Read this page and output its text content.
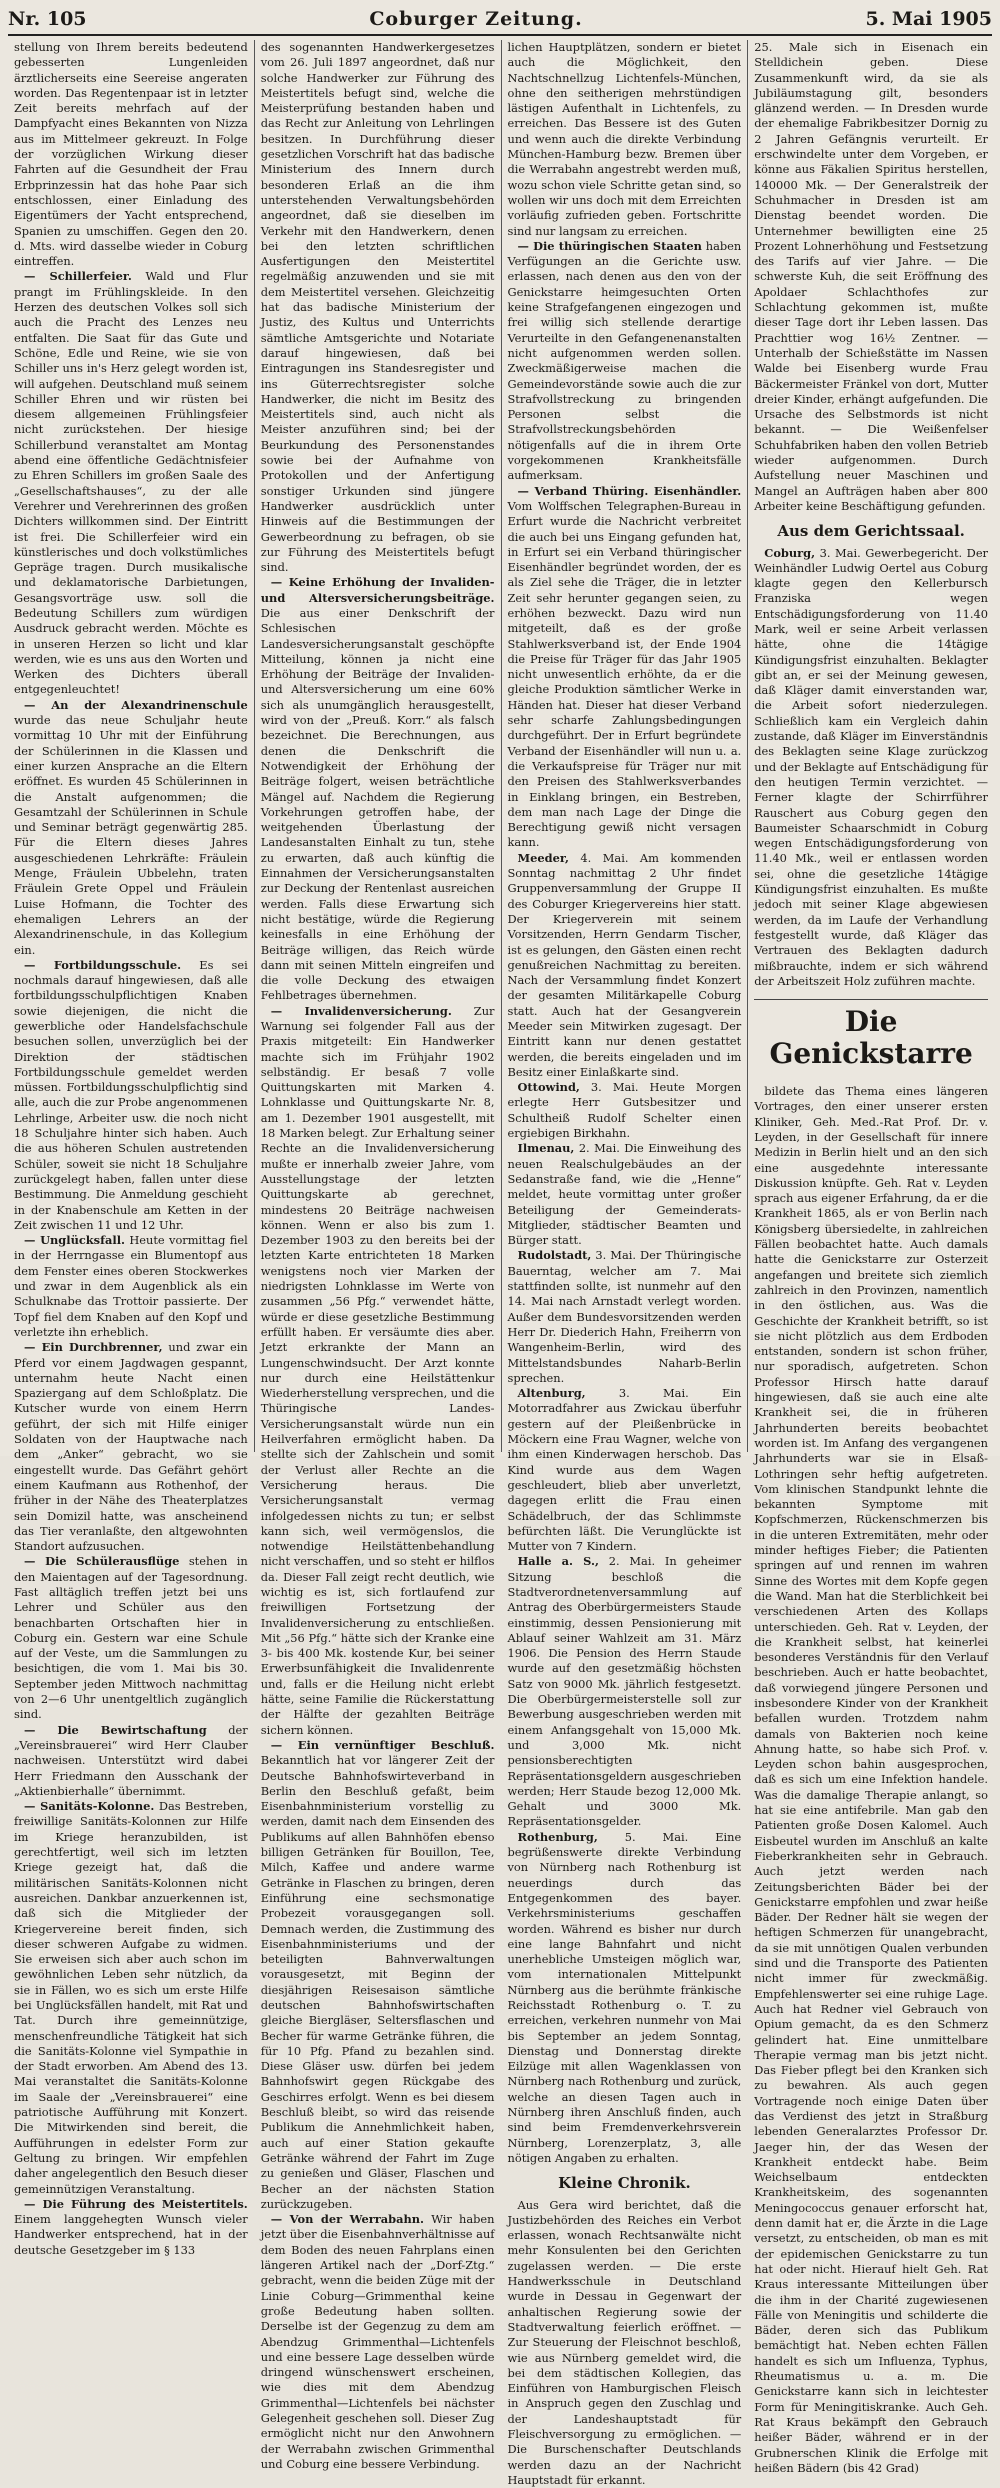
Nr. 105	Coburger Zeitung.	5. Mai 1905

stellung von Ihrem bereits bedeutend gebesserten Lungenleiden ärztlicherseits eine Seereise angeraten worden. Das Regentenpaar ist in letzter Zeit bereits mehrfach auf der Dampfyacht eines Bekannten von Nizza aus im Mittelmeer gekreuzt. In Folge der vorzüglichen Wirkung dieser Fahrten auf die Gesundheit der Frau Erbprinzessin hat das hohe Paar sich entschlossen, einer Einladung des Eigentümers der Yacht entsprechend, Spanien zu umschiffen. Gegen den 20. d. Mts. wird dasselbe wieder in Coburg eintreffen.

— Schillerfeier. Wald und Flur prangt im Frühlingskleide. In den Herzen des deutschen Volkes soll sich auch die Pracht des Lenzes neu entfalten. Die Saat für das Gute und Schöne, Edle und Reine, wie sie von Schiller uns in's Herz gelegt worden ist, will aufgehen. Deutschland muß seinem Schiller Ehren und wir rüsten bei diesem allgemeinen Frühlingsfeier nicht zurückstehen. Der hiesige Schillerbund veranstaltet am Montag abend eine öffentliche Gedächtnisfeier zu Ehren Schillers im großen Saale des „Gesellschaftshauses“, zu der alle Verehrer und Verehrerinnen des großen Dichters willkommen sind. Der Eintritt ist frei. Die Schillerfeier wird ein künstlerisches und doch volkstümliches Gepräge tragen. Durch musikalische und deklamatorische Darbietungen, Gesangsvorträge usw. soll die Bedeutung Schillers zum würdigen Ausdruck gebracht werden. Möchte es in unseren Herzen so licht und klar werden, wie es uns aus den Worten und Werken des Dichters überall entgegenleuchtet!

— An der Alexandrinenschule wurde das neue Schuljahr heute vormittag 10 Uhr mit der Einführung der Schülerinnen in die Klassen und einer kurzen Ansprache an die Eltern eröffnet. Es wurden 45 Schülerinnen in die Anstalt aufgenommen; die Gesamtzahl der Schülerinnen in Schule und Seminar beträgt gegenwärtig 285. Für die Eltern dieses Jahres ausgeschiedenen Lehrkräfte: Fräulein Menge, Fräulein Ubbelehn, traten Fräulein Grete Oppel und Fräulein Luise Hofmann, die Tochter des ehemaligen Lehrers an der Alexandrinenschule, in das Kollegium ein.

— Fortbildungsschule. Es sei nochmals darauf hingewiesen, daß alle fortbildungsschulpflichtigen Knaben sowie diejenigen, die nicht die gewerbliche oder Handelsfachschule besuchen sollen, unverzüglich bei der Direktion der städtischen Fortbildungsschule gemeldet werden müssen. Fortbildungsschulpflichtig sind alle, auch die zur Probe angenommenen Lehrlinge, Arbeiter usw. die noch nicht 18 Schuljahre hinter sich haben. Auch die aus höheren Schulen austretenden Schüler, soweit sie nicht 18 Schuljahre zurückgelegt haben, fallen unter diese Bestimmung. Die Anmeldung geschieht in der Knabenschule am Ketten in der Zeit zwischen 11 und 12 Uhr.

— Unglücksfall. Heute vormittag fiel in der Herrngasse ein Blumentopf aus dem Fenster eines oberen Stockwerkes und zwar in dem Augenblick als ein Schulknabe das Trottoir passierte. Der Topf fiel dem Knaben auf den Kopf und verletzte ihn erheblich.

— Ein Durchbrenner, und zwar ein Pferd vor einem Jagdwagen gespannt, unternahm heute Nacht einen Spaziergang auf dem Schloßplatz. Die Kutscher wurde von einem Herrn geführt, der sich mit Hilfe einiger Soldaten von der Hauptwache nach dem „Anker“ gebracht, wo sie eingestellt wurde. Das Gefährt gehört einem Kaufmann aus Rothenhof, der früher in der Nähe des Theaterplatzes sein Domizil hatte, was anscheinend das Tier veranlaßte, den altgewohnten Standort aufzusuchen.

— Die Schülerausflüge stehen in den Maientagen auf der Tagesordnung. Fast alltäglich treffen jetzt bei uns Lehrer und Schüler aus den benachbarten Ortschaften hier in Coburg ein. Gestern war eine Schule auf der Veste, um die Sammlungen zu besichtigen, die vom 1. Mai bis 30. September jeden Mittwoch nachmittag von 2—6 Uhr unentgeltlich zugänglich sind.

— Die Bewirtschaftung der „Vereinsbrauerei“ wird Herr Clauber nachweisen. Unterstützt wird dabei Herr Friedmann den Ausschank der „Aktienbierhalle“ übernimmt.

— Sanitäts-Kolonne. Das Bestreben, freiwillige Sanitäts-Kolonnen zur Hilfe im Kriege heranzubilden, ist gerechtfertigt, weil sich im letzten Kriege gezeigt hat, daß die militärischen Sanitäts-Kolonnen nicht ausreichen. Dankbar anzuerkennen ist, daß sich die Mitglieder der Kriegervereine bereit finden, sich dieser schweren Aufgabe zu widmen. Sie erweisen sich aber auch schon im gewöhnlichen Leben sehr nützlich, da sie in Fällen, wo es sich um erste Hilfe bei Unglücksfällen handelt, mit Rat und Tat. Durch ihre gemeinnützige, menschenfreundliche Tätigkeit hat sich die Sanitäts-Kolonne viel Sympathie in der Stadt erworben. Am Abend des 13. Mai veranstaltet die Sanitäts-Kolonne im Saale der „Vereinsbrauerei“ eine patriotische Aufführung mit Konzert. Die Mitwirkenden sind bereit, die Aufführungen in edelster Form zur Geltung zu bringen. Wir empfehlen daher angelegentlich den Besuch dieser gemeinnützigen Veranstaltung.

— Die Führung des Meistertitels. Einem langgehegten Wunsch vieler Handwerker entsprechend, hat in der deutsche Gesetzgeber im § 133

des sogenannten Handwerkergesetzes vom 26. Juli 1897 angeordnet, daß nur solche Handwerker zur Führung des Meistertitels befugt sind, welche die Meisterprüfung bestanden haben und das Recht zur Anleitung von Lehrlingen besitzen. In Durchführung dieser gesetzlichen Vorschrift hat das badische Ministerium des Innern durch besonderen Erlaß an die ihm unterstehenden Verwaltungsbehörden angeordnet, daß sie dieselben im Verkehr mit den Handwerkern, denen bei den letzten schriftlichen Ausfertigungen den Meistertitel regelmäßig anzuwenden und sie mit dem Meistertitel versehen. Gleichzeitig hat das badische Ministerium der Justiz, des Kultus und Unterrichts sämtliche Amtsgerichte und Notariate darauf hingewiesen, daß bei Eintragungen ins Standesregister und ins Güterrechtsregister solche Handwerker, die nicht im Besitz des Meistertitels sind, auch nicht als Meister anzuführen sind; bei der Beurkundung des Personenstandes sowie bei der Aufnahme von Protokollen und der Anfertigung sonstiger Urkunden sind jüngere Handwerker ausdrücklich unter Hinweis auf die Bestimmungen der Gewerbeordnung zu befragen, ob sie zur Führung des Meistertitels befugt sind.

— Keine Erhöhung der Invaliden- und Altersversicherungsbeiträge. Die aus einer Denkschrift der Schlesischen Landesversicherungsanstalt geschöpfte Mitteilung, können ja nicht eine Erhöhung der Beiträge der Invaliden- und Altersversicherung um eine 60% sich als unumgänglich herausgestellt, wird von der „Preuß. Korr.“ als falsch bezeichnet. Die Berechnungen, aus denen die Denkschrift die Notwendigkeit der Erhöhung der Beiträge folgert, weisen beträchtliche Mängel auf. Nachdem die Regierung Vorkehrungen getroffen habe, der weitgehenden Überlastung der Landesanstalten Einhalt zu tun, stehe zu erwarten, daß auch künftig die Einnahmen der Versicherungsanstalten zur Deckung der Rentenlast ausreichen werden. Falls diese Erwartung sich nicht bestätige, würde die Regierung keinesfalls in eine Erhöhung der Beiträge willigen, das Reich würde dann mit seinen Mitteln eingreifen und die volle Deckung des etwaigen Fehlbetrages übernehmen.

— Invalidenversicherung. Zur Warnung sei folgender Fall aus der Praxis mitgeteilt: Ein Handwerker machte sich im Frühjahr 1902 selbständig. Er besaß 7 volle Quittungskarten mit Marken 4. Lohnklasse und Quittungskarte Nr. 8, am 1. Dezember 1901 ausgestellt, mit 18 Marken belegt. Zur Erhaltung seiner Rechte an die Invalidenversicherung mußte er innerhalb zweier Jahre, vom Ausstellungstage der letzten Quittungskarte ab gerechnet, mindestens 20 Beiträge nachweisen können. Wenn er also bis zum 1. Dezember 1903 zu den bereits bei der letzten Karte entrichteten 18 Marken wenigstens noch vier Marken der niedrigsten Lohnklasse im Werte von zusammen „56 Pfg.“ verwendet hätte, würde er diese gesetzliche Bestimmung erfüllt haben. Er versäumte dies aber. Jetzt erkrankte der Mann an Lungenschwindsucht. Der Arzt konnte nur durch eine Heilstättenkur Wiederherstellung versprechen, und die Thüringische Landes-Versicherungsanstalt würde nun ein Heilverfahren ermöglicht haben. Da stellte sich der Zahlschein und somit der Verlust aller Rechte an die Versicherung heraus. Die Versicherungsanstalt vermag infolgedessen nichts zu tun; er selbst kann sich, weil vermögenslos, die notwendige Heilstättenbehandlung nicht verschaffen, und so steht er hilflos da. Dieser Fall zeigt recht deutlich, wie wichtig es ist, sich fortlaufend zur freiwilligen Fortsetzung der Invalidenversicherung zu entschließen. Mit „56 Pfg.“ hätte sich der Kranke eine 3- bis 400 Mk. kostende Kur, bei seiner Erwerbsunfähigkeit die Invalidenrente und, falls er die Heilung nicht erlebt hätte, seine Familie die Rückerstattung der Hälfte der gezahlten Beiträge sichern können.

— Ein vernünftiger Beschluß. Bekanntlich hat vor längerer Zeit der Deutsche Bahnhofswirteverband in Berlin den Beschluß gefaßt, beim Eisenbahnministerium vorstellig zu werden, damit nach dem Einsenden des Publikums auf allen Bahnhöfen ebenso billigen Getränken für Bouillon, Tee, Milch, Kaffee und andere warme Getränke in Flaschen zu bringen, deren Einführung eine sechsmonatige Probezeit vorausgegangen soll. Demnach werden, die Zustimmung des Eisenbahnministeriums und der beteiligten Bahnverwaltungen vorausgesetzt, mit Beginn der diesjährigen Reisesaison sämtliche deutschen Bahnhofswirtschaften gleiche Biergläser, Seltersflaschen und Becher für warme Getränke führen, die für 10 Pfg. Pfand zu bezahlen sind. Diese Gläser usw. dürfen bei jedem Bahnhofswirt gegen Rückgabe des Geschirres erfolgt. Wenn es bei diesem Beschluß bleibt, so wird das reisende Publikum die Annehmlichkeit haben, auch auf einer Station gekaufte Getränke während der Fahrt im Zuge zu genießen und Gläser, Flaschen und Becher an der nächsten Station zurückzugeben.

— Von der Werrabahn. Wir haben jetzt über die Eisenbahnverhältnisse auf dem Boden des neuen Fahrplans einen längeren Artikel nach der „Dorf-Ztg.“ gebracht, wenn die beiden Züge mit der Linie Coburg—Grimmenthal keine große Bedeutung haben sollten. Derselbe ist der Gegenzug zu dem am Abendzug Grimmenthal—Lichtenfels und eine bessere Lage desselben würde dringend wünschenswert erscheinen, wie dies mit dem Abendzug Grimmenthal—Lichtenfels bei nächster Gelegenheit geschehen soll. Dieser Zug ermöglicht nicht nur den Anwohnern der Werrabahn zwischen Grimmenthal und Coburg eine bessere Verbindung.

lichen Hauptplätzen, sondern er bietet auch die Möglichkeit, den Nachtschnellzug Lichtenfels-München, ohne den seitherigen mehrstündigen lästigen Aufenthalt in Lichtenfels, zu erreichen. Das Bessere ist des Guten und wenn auch die direkte Verbindung München-Hamburg bezw. Bremen über die Werrabahn angestrebt werden muß, wozu schon viele Schritte getan sind, so wollen wir uns doch mit dem Erreichten vorläufig zufrieden geben. Fortschritte sind nur langsam zu erreichen.

— Die thüringischen Staaten haben Verfügungen an die Gerichte usw. erlassen, nach denen aus den von der Genickstarre heimgesuchten Orten keine Strafgefangenen eingezogen und frei willig sich stellende derartige Verurteilte in den Gefangenenanstalten nicht aufgenommen werden sollen. Zweckmäßigerweise machen die Gemeindevorstände sowie auch die zur Strafvollstreckung zu bringenden Personen selbst die Strafvollstreckungsbehörden nötigenfalls auf die in ihrem Orte vorgekommenen Krankheitsfälle aufmerksam.

— Verband Thüring. Eisenhändler. Vom Wolffschen Telegraphen-Bureau in Erfurt wurde die Nachricht verbreitet die auch bei uns Eingang gefunden hat, in Erfurt sei ein Verband thüringischer Eisenhändler begründet worden, der es als Ziel sehe die Träger, die in letzter Zeit sehr herunter gegangen seien, zu erhöhen bezweckt. Dazu wird nun mitgeteilt, daß es der große Stahlwerksverband ist, der Ende 1904 die Preise für Träger für das Jahr 1905 nicht unwesentlich erhöhte, da er die gleiche Produktion sämtlicher Werke in Händen hat. Dieser hat dieser Verband sehr scharfe Zahlungsbedingungen durchgeführt. Der in Erfurt begründete Verband der Eisenhändler will nun u. a. die Verkaufspreise für Träger nur mit den Preisen des Stahlwerksverbandes in Einklang bringen, ein Bestreben, dem man nach Lage der Dinge die Berechtigung gewiß nicht versagen kann.

Meeder, 4. Mai. Am kommenden Sonntag nachmittag 2 Uhr findet Gruppenversammlung der Gruppe II des Coburger Kriegervereins hier statt. Der Kriegerverein mit seinem Vorsitzenden, Herrn Gendarm Tischer, ist es gelungen, den Gästen einen recht genußreichen Nachmittag zu bereiten. Nach der Versammlung findet Konzert der gesamten Militärkapelle Coburg statt. Auch hat der Gesangverein Meeder sein Mitwirken zugesagt. Der Eintritt kann nur denen gestattet werden, die bereits eingeladen und im Besitz einer Einlaßkarte sind.

Ottowind, 3. Mai. Heute Morgen erlegte Herr Gutsbesitzer und Schultheiß Rudolf Schelter einen ergiebigen Birkhahn.

Ilmenau, 2. Mai. Die Einweihung des neuen Realschulgebäudes an der Sedanstraße fand, wie die „Henne“ meldet, heute vormittag unter großer Beteiligung der Gemeinderats-Mitglieder, städtischer Beamten und Bürger statt.

Rudolstadt, 3. Mai. Der Thüringische Bauerntag, welcher am 7. Mai stattfinden sollte, ist nunmehr auf den 14. Mai nach Arnstadt verlegt worden. Außer dem Bundesvorsitzenden werden Herr Dr. Diederich Hahn, Freiherrn von Wangenheim-Berlin, wird des Mittelstandsbundes Naharb-Berlin sprechen.

Altenburg,	3. Mai. Ein Motorradfahrer aus Zwickau überfuhr gestern auf der Pleißenbrücke in Möckern eine Frau Wagner, welche von ihm einen Kinderwagen herschob. Das Kind wurde aus dem Wagen geschleudert, blieb aber unverletzt, dagegen erlitt die Frau einen Schädelbruch, der das Schlimmste befürchten läßt. Die Verunglückte ist Mutter von 7 Kindern.

Halle a. S., 2. Mai. In geheimer Sitzung beschloß die Stadtverordnetenversammlung auf Antrag des Oberbürgermeisters Staude einstimmig, dessen Pensionierung mit Ablauf seiner Wahlzeit am 31. März 1906. Die Pension des Herrn Staude wurde auf den gesetzmäßig höchsten Satz von 9000 Mk. jährlich festgesetzt. Die Oberbürgermeisterstelle soll zur Bewerbung ausgeschrieben werden mit einem Anfangsgehalt von 15,000 Mk. und 3,000 Mk. nicht pensionsberechtigten Repräsentationsgeldern ausgeschrieben werden; Herr Staude bezog 12,000 Mk. Gehalt und 3000 Mk. Repräsentationsgelder.

Rothenburg, 5. Mai. Eine begrüßenswerte direkte Verbindung von Nürnberg nach Rothenburg ist neuerdings durch das Entgegenkommen des bayer. Verkehrsministeriums geschaffen worden. Während es bisher nur durch eine lange Bahnfahrt und nicht unerhebliche Umsteigen möglich war, vom internationalen Mittelpunkt Nürnberg aus die berühmte fränkische Reichsstadt Rothenburg o. T. zu erreichen, verkehren nunmehr von Mai bis September an jedem Sonntag, Dienstag und Donnerstag direkte Eilzüge mit allen Wagenklassen von Nürnberg nach Rothenburg und zurück, welche an diesen Tagen auch in Nürnberg ihren Anschluß finden, auch sind beim Fremdenverkehrsverein Nürnberg, Lorenzerplatz, 3, alle nötigen Angaben zu erhalten.

Kleine Chronik.

Aus Gera wird berichtet, daß die Justizbehörden des Reiches ein Verbot erlassen, wonach Rechtsanwälte nicht mehr Konsulenten bei den Gerichten zugelassen werden. — Die erste Handwerksschule in Deutschland wurde in Dessau in Gegenwart der anhaltischen Regierung sowie der Stadtverwaltung feierlich eröffnet. — Zur Steuerung der Fleischnot beschloß, wie aus Nürnberg gemeldet wird, die bei dem städtischen Kollegien, das Einführen von Hamburgischen Fleisch in Anspruch gegen den Zuschlag und der Landeshauptstadt für Fleischversorgung zu ermöglichen. — Die Burschenschafter Deutschlands werden dazu an der Nachricht Hauptstadt für erkannt.

25. Male sich in Eisenach ein Stelldichein geben. Diese Zusammenkunft wird, da sie als Jubiläumstagung gilt, besonders glänzend werden. — In Dresden wurde der ehemalige Fabrikbesitzer Dornig zu 2 Jahren Gefängnis verurteilt. Er erschwindelte unter dem Vorgeben, er könne aus Fäkalien Spiritus herstellen, 140000 Mk. — Der Generalstreik der Schuhmacher in Dresden ist am Dienstag beendet worden. Die Unternehmer bewilligten eine 25 Prozent Lohnerhöhung und Festsetzung des Tarifs auf vier Jahre. — Die schwerste Kuh, die seit Eröffnung des Apoldaer Schlachthofes zur Schlachtung gekommen ist, mußte dieser Tage dort ihr Leben lassen. Das Prachttier wog 16½ Zentner. — Unterhalb der Schießstätte im Nassen Walde bei Eisenberg wurde Frau Bäckermeister Fränkel von dort, Mutter dreier Kinder, erhängt aufgefunden. Die Ursache des Selbstmords ist nicht bekannt. — Die Weißenfelser Schuhfabriken haben den vollen Betrieb wieder aufgenommen. Durch Aufstellung neuer Maschinen und Mangel an Aufträgen haben aber 800 Arbeiter keine Beschäftigung gefunden.

Aus dem Gerichtssaal.

Coburg, 3. Mai. Gewerbegericht. Der Weinhändler Ludwig Oertel aus Coburg klagte gegen den Kellerbursch Franziska wegen Entschädigungsforderung von 11.40 Mark, weil er seine Arbeit verlassen hätte, ohne die 14tägige Kündigungsfrist einzuhalten. Beklagter gibt an, er sei der Meinung gewesen, daß Kläger damit einverstanden war, die Arbeit sofort niederzulegen. Schließlich kam ein Vergleich dahin zustande, daß Kläger im Einverständnis des Beklagten seine Klage zurückzog und der Beklagte auf Entschädigung für den heutigen Termin verzichtet. — Ferner klagte der Schirrführer Rauschert aus Coburg gegen den Baumeister Schaarschmidt in Coburg wegen Entschädigungsforderung von 11.40 Mk., weil er entlassen worden sei, ohne die gesetzliche 14tägige Kündigungsfrist einzuhalten. Es mußte jedoch mit seiner Klage abgewiesen werden, da im Laufe der Verhandlung festgestellt wurde, daß Kläger das Vertrauen des Beklagten dadurch mißbrauchte, indem er sich während der Arbeitszeit Holz zuführen machte.

Die Genickstarre

bildete das Thema eines längeren Vortrages, den einer unserer ersten Kliniker, Geh. Med.-Rat Prof. Dr. v. Leyden, in der Gesellschaft für innere Medizin in Berlin hielt und an den sich eine ausgedehnte interessante Diskussion knüpfte. Geh. Rat v. Leyden sprach aus eigener Erfahrung, da er die Krankheit 1865, als er von Berlin nach Königsberg übersiedelte, in zahlreichen Fällen beobachtet hatte. Auch damals hatte die Genickstarre zur Osterzeit angefangen und breitete sich ziemlich zahlreich in den Provinzen, namentlich in den östlichen, aus. Was die Geschichte der Krankheit betrifft, so ist sie nicht plötzlich aus dem Erdboden entstanden, sondern ist schon früher, nur sporadisch, aufgetreten. Schon Professor Hirsch hatte darauf hingewiesen, daß sie auch eine alte Krankheit sei, die in früheren Jahrhunderten bereits beobachtet worden ist. Im Anfang des vergangenen Jahrhunderts war sie in Elsaß-Lothringen sehr heftig aufgetreten. Vom klinischen Standpunkt lehnte die bekannten Symptome mit Kopfschmerzen, Rückenschmerzen bis in die unteren Extremitäten, mehr oder minder heftiges Fieber; die Patienten springen auf und rennen im wahren Sinne des Wortes mit dem Kopfe gegen die Wand. Man hat die Sterblichkeit bei verschiedenen Arten des Kollaps unterschieden. Geh. Rat v. Leyden, der die Krankheit selbst, hat keinerlei besonderes Verständnis für den Verlauf beschrieben. Auch er hatte beobachtet, daß vorwiegend jüngere Personen und insbesondere Kinder von der Krankheit befallen wurden. Trotzdem nahm damals von Bakterien noch keine Ahnung hatte, so habe sich Prof. v. Leyden schon bahin ausgesprochen, daß es sich um eine Infektion handele. Was die damalige Therapie anlangt, so hat sie eine antifebrile. Man gab den Patienten große Dosen Kalomel. Auch Eisbeutel wurden im Anschluß an kalte Fieberkrankheiten sehr in Gebrauch. Auch jetzt werden nach Zeitungsberichten Bäder bei der Genickstarre empfohlen und zwar heiße Bäder. Der Redner hält sie wegen der heftigen Schmerzen für unangebracht, da sie mit unnötigen Qualen verbunden sind und die Transporte des Patienten nicht immer für zweckmäßig. Empfehlenswerter sei eine ruhige Lage. Auch hat Redner viel Gebrauch von Opium gemacht, da es den Schmerz gelindert hat. Eine unmittelbare Therapie vermag man bis jetzt nicht. Das Fieber pflegt bei den Kranken sich zu bewahren. Als auch gegen Vortragende noch einige Daten über das Verdienst des jetzt in Straßburg lebenden Generalarztes Professor Dr. Jaeger hin, der das Wesen der Krankheit entdeckt habe. Beim Weichselbaum entdeckten Krankheitskeim, des sogenannten Meningococcus genauer erforscht hat, denn damit hat er, die Ärzte in die Lage versetzt, zu entscheiden, ob man es mit der epidemischen Genickstarre zu tun hat oder nicht. Hierauf hielt Geh. Rat Kraus interessante Mitteilungen über die ihm in der Charité zugewiesenen Fälle von Meningitis und schilderte die Bäder, deren sich das Publikum bemächtigt hat. Neben echten Fällen handelt es sich um Influenza, Typhus, Rheumatismus u. a. m. Die Genickstarre kann sich in leichtester Form für Meningitiskranke. Auch Geh. Rat Kraus bekämpft den Gebrauch heißer Bäder, während er in der Grubnerschen Klinik die Erfolge mit heißen Bädern (bis 42 Grad)
